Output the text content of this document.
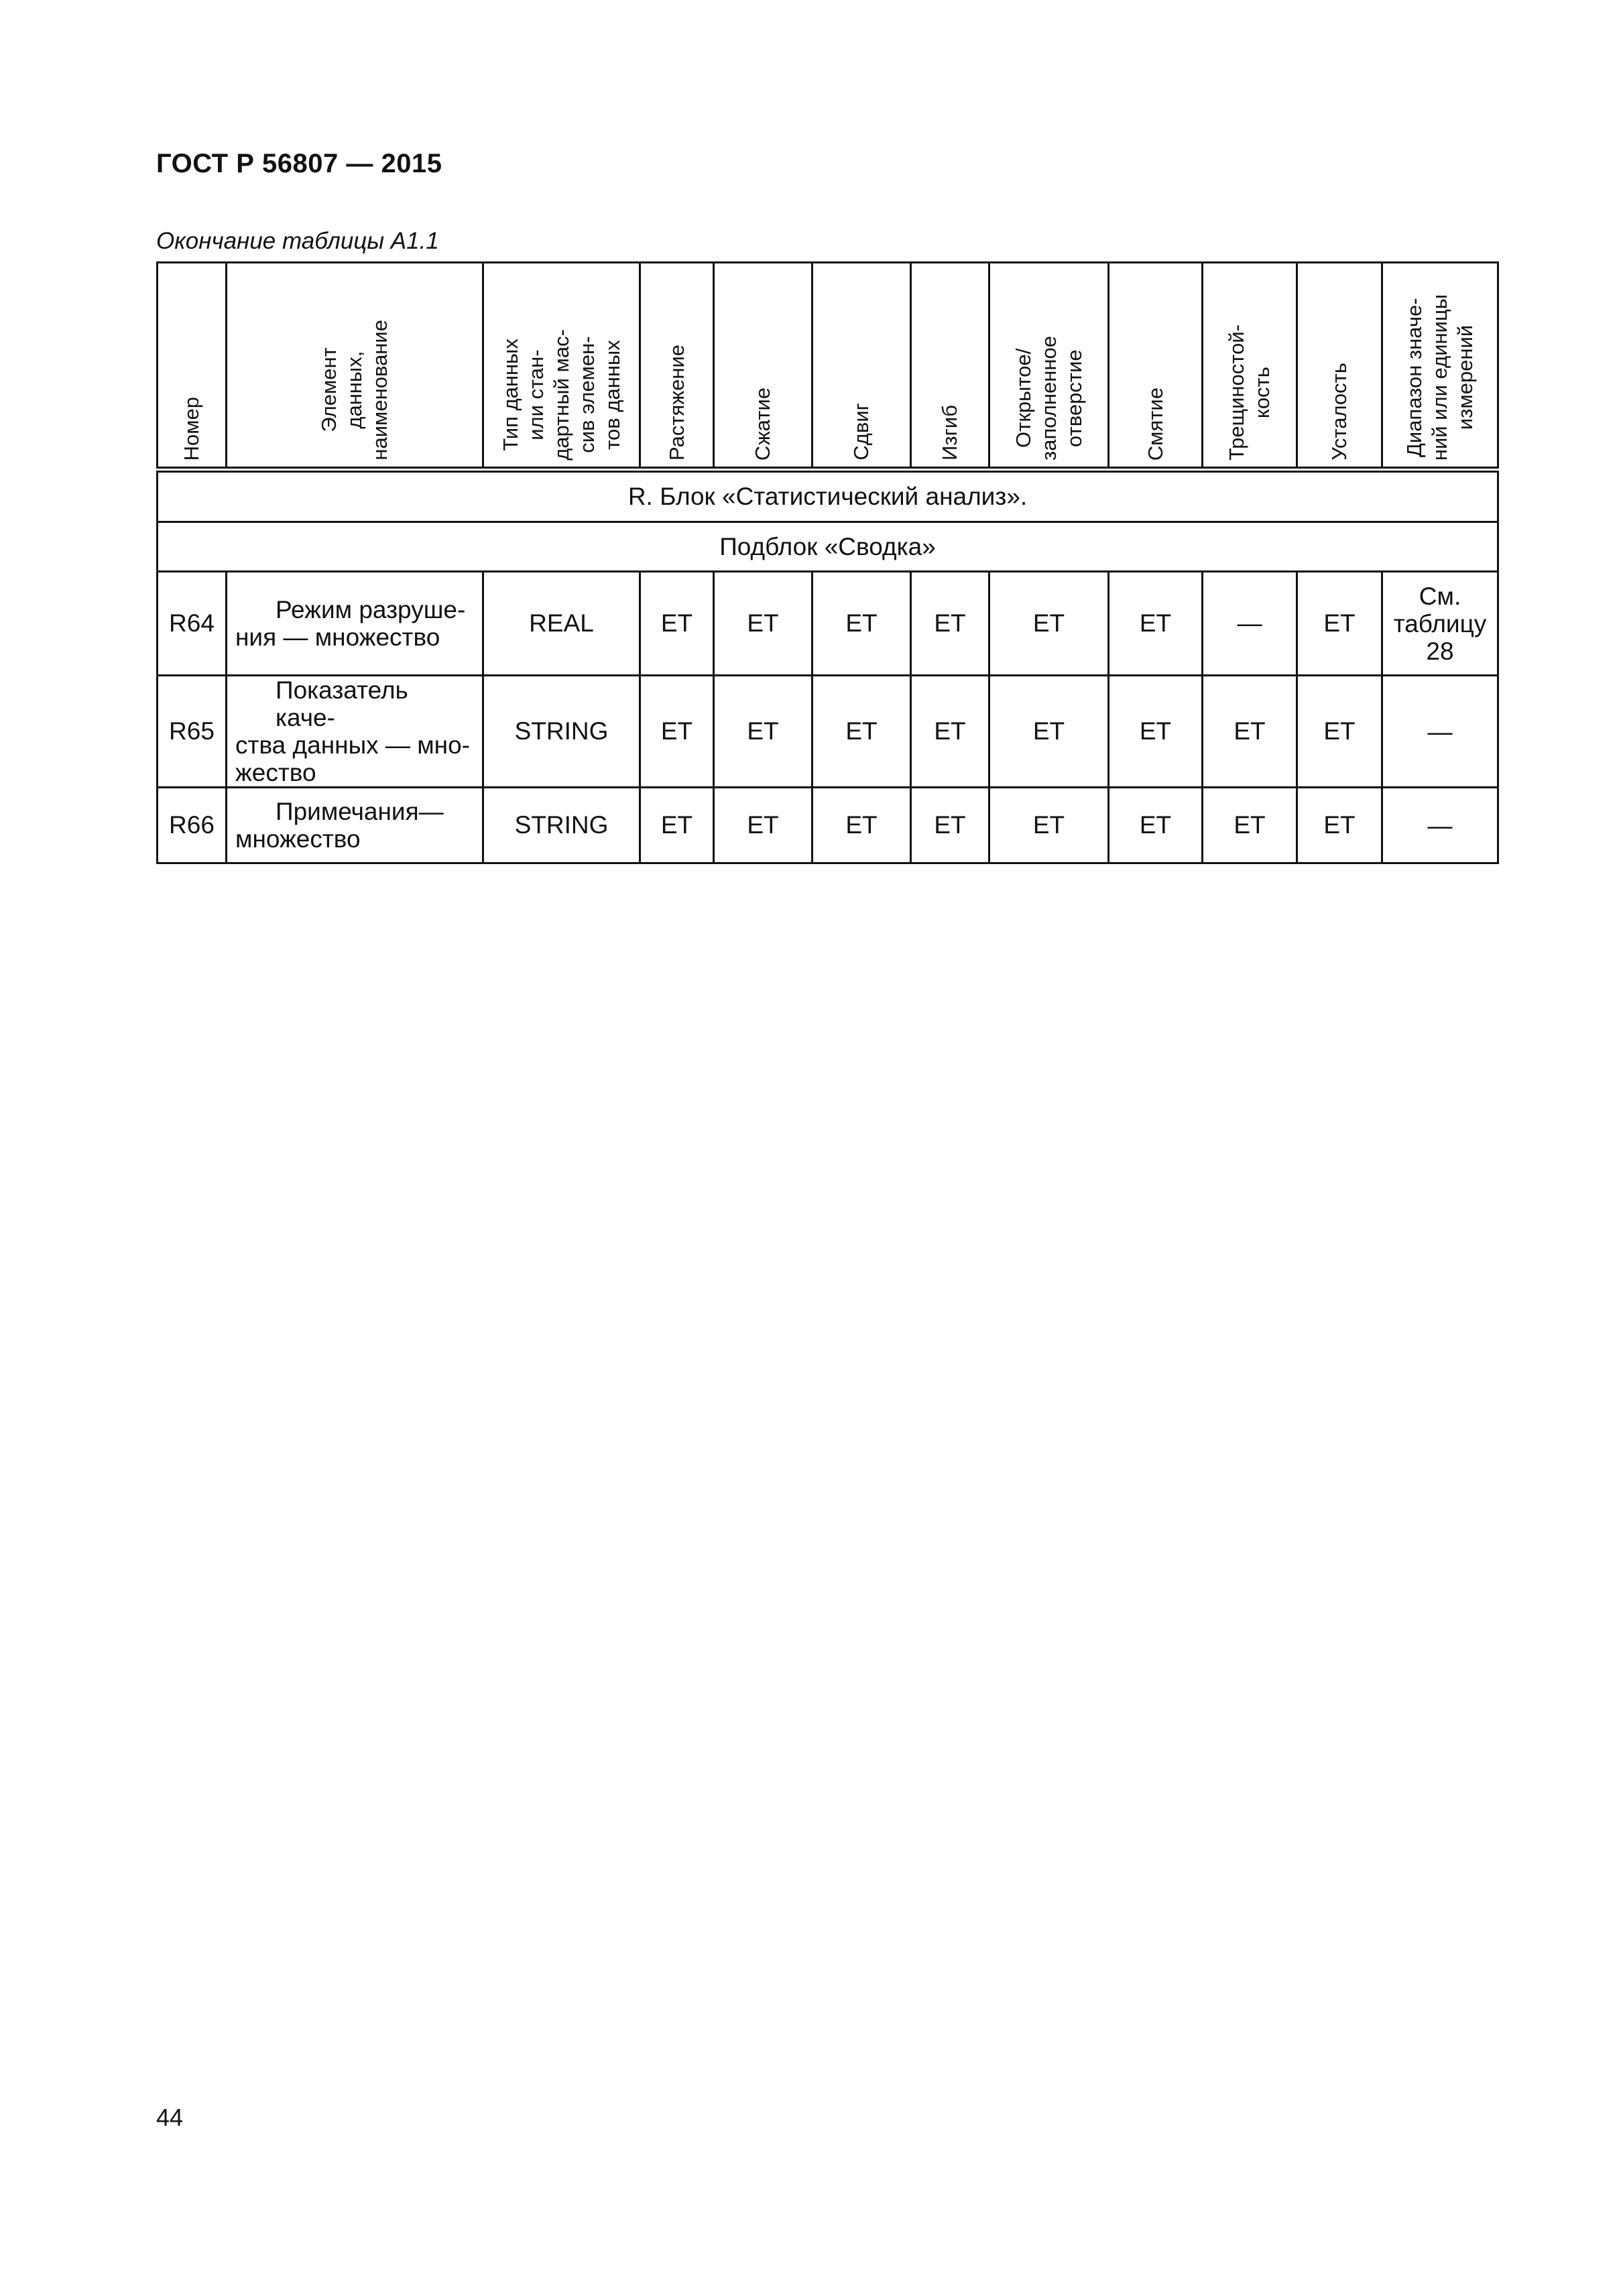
ГОСТ Р 56807 — 2015
Окончание таблицы А1.1
Номер	Элемент
данных,
наименование	Тип данных
или стан-
дартный мас-
сив элемен-
тов данных	Растяжение	Сжатие	Сдвиг	Изгиб	Открытое/
заполненное
отверстие	Смятие	Трещиностой-
кость	Усталость	Диапазон значе-
ний или единицы
измерений
R. Блок «Статистический анализ».											
Подблок «Сводка»											
R64	Режим разруше-
ния — множество	REAL	ЕТ	ЕТ	ЕТ	ЕТ	ЕТ	ЕТ	—	ЕТ	См.
таблицу
28
R65	Показатель каче-
ства данных — мно-
жество	STRING	ЕТ	ЕТ	ЕТ	ЕТ	ЕТ	ЕТ	ЕТ	ЕТ	—
R66	Примечания—
множество	STRING	ЕТ	ЕТ	ЕТ	ЕТ	ЕТ	ЕТ	ЕТ	ЕТ	—
44
